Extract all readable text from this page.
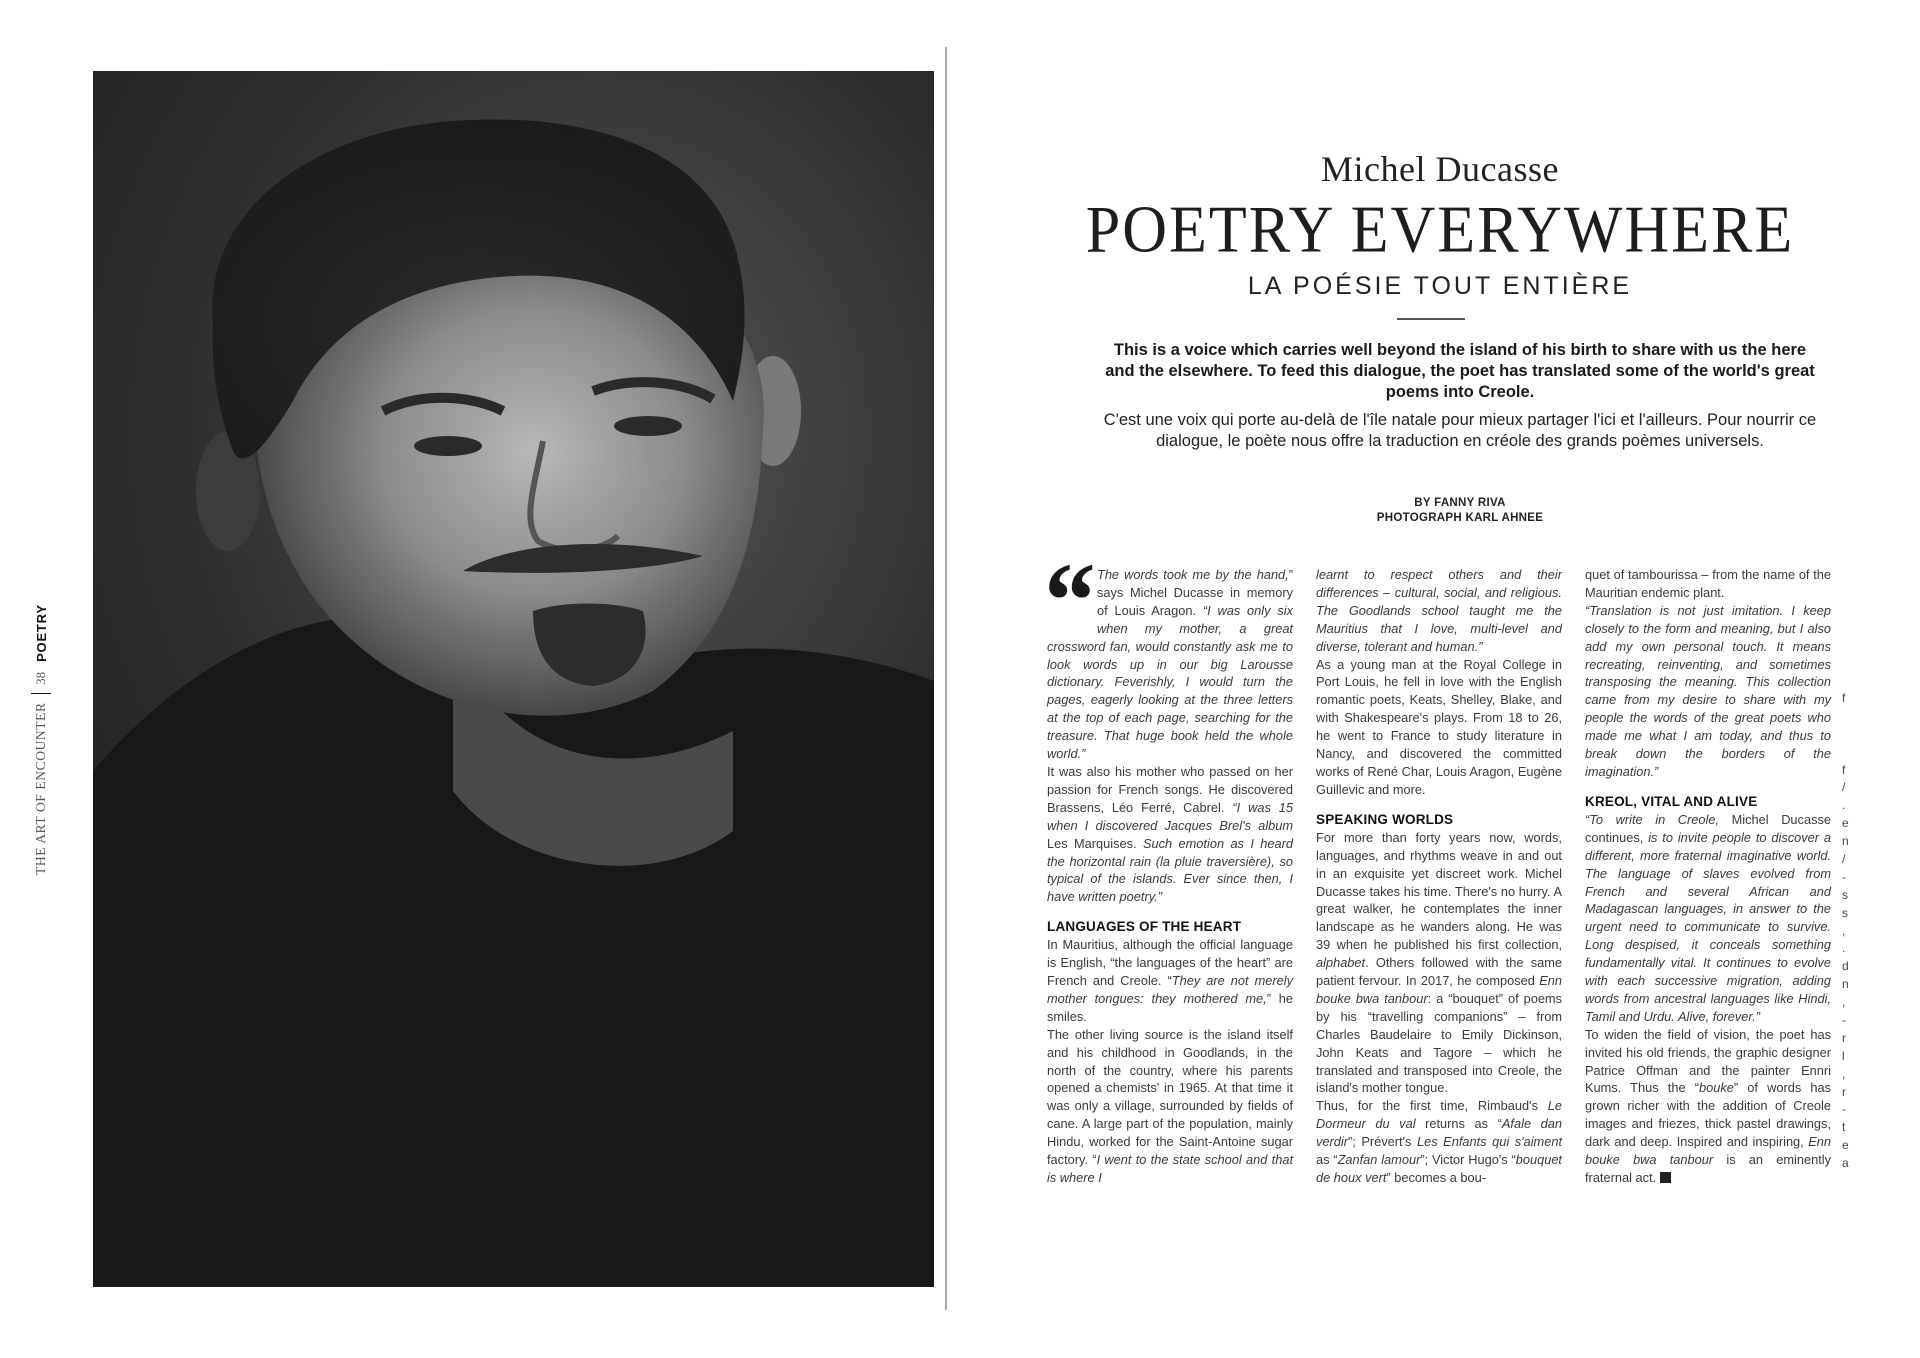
THE ART OF ENCOUNTER
38
POETRY
Michel Ducasse
POETRY EVERYWHERE
LA POÉSIE TOUT ENTIÈRE
This is a voice which carries well beyond the island of his birth to share with us the here and the elsewhere. To feed this dialogue, the poet has translated some of the world's great poems into Creole.
C'est une voix qui porte au-delà de l'île natale pour mieux partager l'ici et l'ailleurs. Pour nourrir ce dialogue, le poète nous offre la traduction en créole des grands poèmes universels.
BY FANNY RIVA
PHOTOGRAPH KARL AHNEE
“ The words took me by the hand,” says Michel Ducasse in memory of Louis Aragon. “I was only six when my mother, a great crossword fan, would constantly ask me to look words up in our big Larousse dictionary. Feverishly, I would turn the pages, eagerly looking at the three letters at the top of each page, searching for the treasure. That huge book held the whole world.”

It was also his mother who passed on her passion for French songs. He discovered Brassens, Léo Ferré, Cabrel. “I was 15 when I discovered Jacques Brel's album Les Marquises. Such emotion as I heard the horizontal rain (la pluie traversière), so typical of the islands. Ever since then, I have written poetry.”

LANGUAGES OF THE HEART

In Mauritius, although the official language is English, “the languages of the heart” are French and Creole. “They are not merely mother tongues: they mothered me,” he smiles.

The other living source is the island itself and his childhood in Goodlands, in the north of the country, where his parents opened a chemists' in 1965. At that time it was only a village, surrounded by fields of cane. A large part of the population, mainly Hindu, worked for the Saint-Antoine sugar factory. “I went to the state school and that is where I

learnt to respect others and their differences – cultural, social, and religious. The Goodlands school taught me the Mauritius that I love, multi-level and diverse, tolerant and human.”

As a young man at the Royal College in Port Louis, he fell in love with the English romantic poets, Keats, Shelley, Blake, and with Shakespeare's plays. From 18 to 26, he went to France to study literature in Nancy, and discovered the committed works of René Char, Louis Aragon, Eugène Guillevic and more.

SPEAKING WORLDS

For more than forty years now, words, languages, and rhythms weave in and out in an exquisite yet discreet work. Michel Ducasse takes his time. There's no hurry. A great walker, he contemplates the inner landscape as he wanders along. He was 39 when he published his first collection, alphabet. Others followed with the same patient fervour. In 2017, he composed Enn bouke bwa tanbour: a “bouquet” of poems by his “travelling companions” – from Charles Baudelaire to Emily Dickinson, John Keats and Tagore – which he translated and transposed into Creole, the island's mother tongue.

Thus, for the first time, Rimbaud's Le Dormeur du val returns as “Afale dan verdir”; Prévert's Les Enfants qui s'aiment as “Zanfan lamour”; Victor Hugo's “bouquet de houx vert” becomes a bou-

quet of tambourissa – from the name of the Mauritian endemic plant.

“Translation is not just imitation. I keep closely to the form and meaning, but I also add my own personal touch. It means recreating, reinventing, and sometimes transposing the meaning. This collection came from my desire to share with my people the words of the great poets who made me what I am today, and thus to break down the borders of the imagination.”

KREOL, VITAL AND ALIVE

“To write in Creole, Michel Ducasse continues, is to invite people to discover a different, more fraternal imaginative world. The language of slaves evolved from French and several African and Madagascan languages, in answer to the urgent need to communicate to survive. Long despised, it conceals something fundamentally vital. It continues to evolve with each successive migration, adding words from ancestral languages like Hindi, Tamil and Urdu. Alive, forever.”

To widen the field of vision, the poet has invited his old friends, the graphic designer Patrice Offman and the painter Ennri Kums. Thus the “bouke” of words has grown richer with the addition of Creole images and friezes, thick pastel drawings, dark and deep. Inspired and inspiring, Enn bouke bwa tanbour is an eminently fraternal act.

f
f
/
.
e
n
/
-
s
s
,
.
d
n
,
-
r
l
,
r
-
t
e
a
